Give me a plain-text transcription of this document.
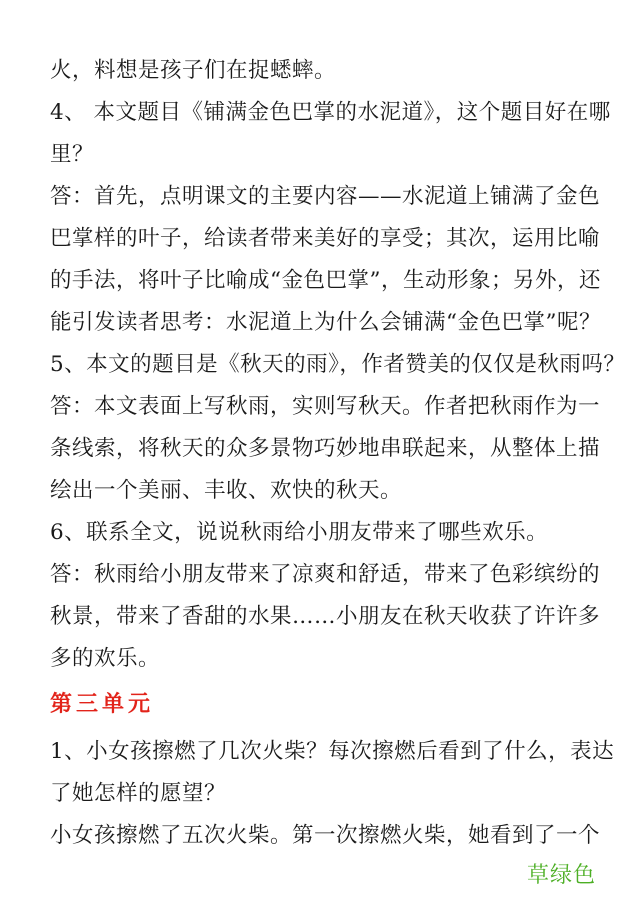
火，料想是孩子们在捉蟋蟀。
4、 本文题目《铺满金色巴掌的水泥道》，这个题目好在哪
里？
答：首先，点明课文的主要内容——水泥道上铺满了金色
巴掌样的叶子，给读者带来美好的享受；其次，运用比喻
的手法，将叶子比喻成“金色巴掌”，生动形象；另外，还
能引发读者思考：水泥道上为什么会铺满“金色巴掌”呢？
5、本文的题目是《秋天的雨》，作者赞美的仅仅是秋雨吗？
答：本文表面上写秋雨，实则写秋天。作者把秋雨作为一
条线索，将秋天的众多景物巧妙地串联起来，从整体上描
绘出一个美丽、丰收、欢快的秋天。
6、联系全文，说说秋雨给小朋友带来了哪些欢乐。
答：秋雨给小朋友带来了凉爽和舒适，带来了色彩缤纷的
秋景，带来了香甜的水果……小朋友在秋天收获了许许多
多的欢乐。
第三单元
1、小女孩擦燃了几次火柴？每次擦燃后看到了什么，表达
了她怎样的愿望？
小女孩擦燃了五次火柴。第一次擦燃火柴，她看到了一个
草绿色
